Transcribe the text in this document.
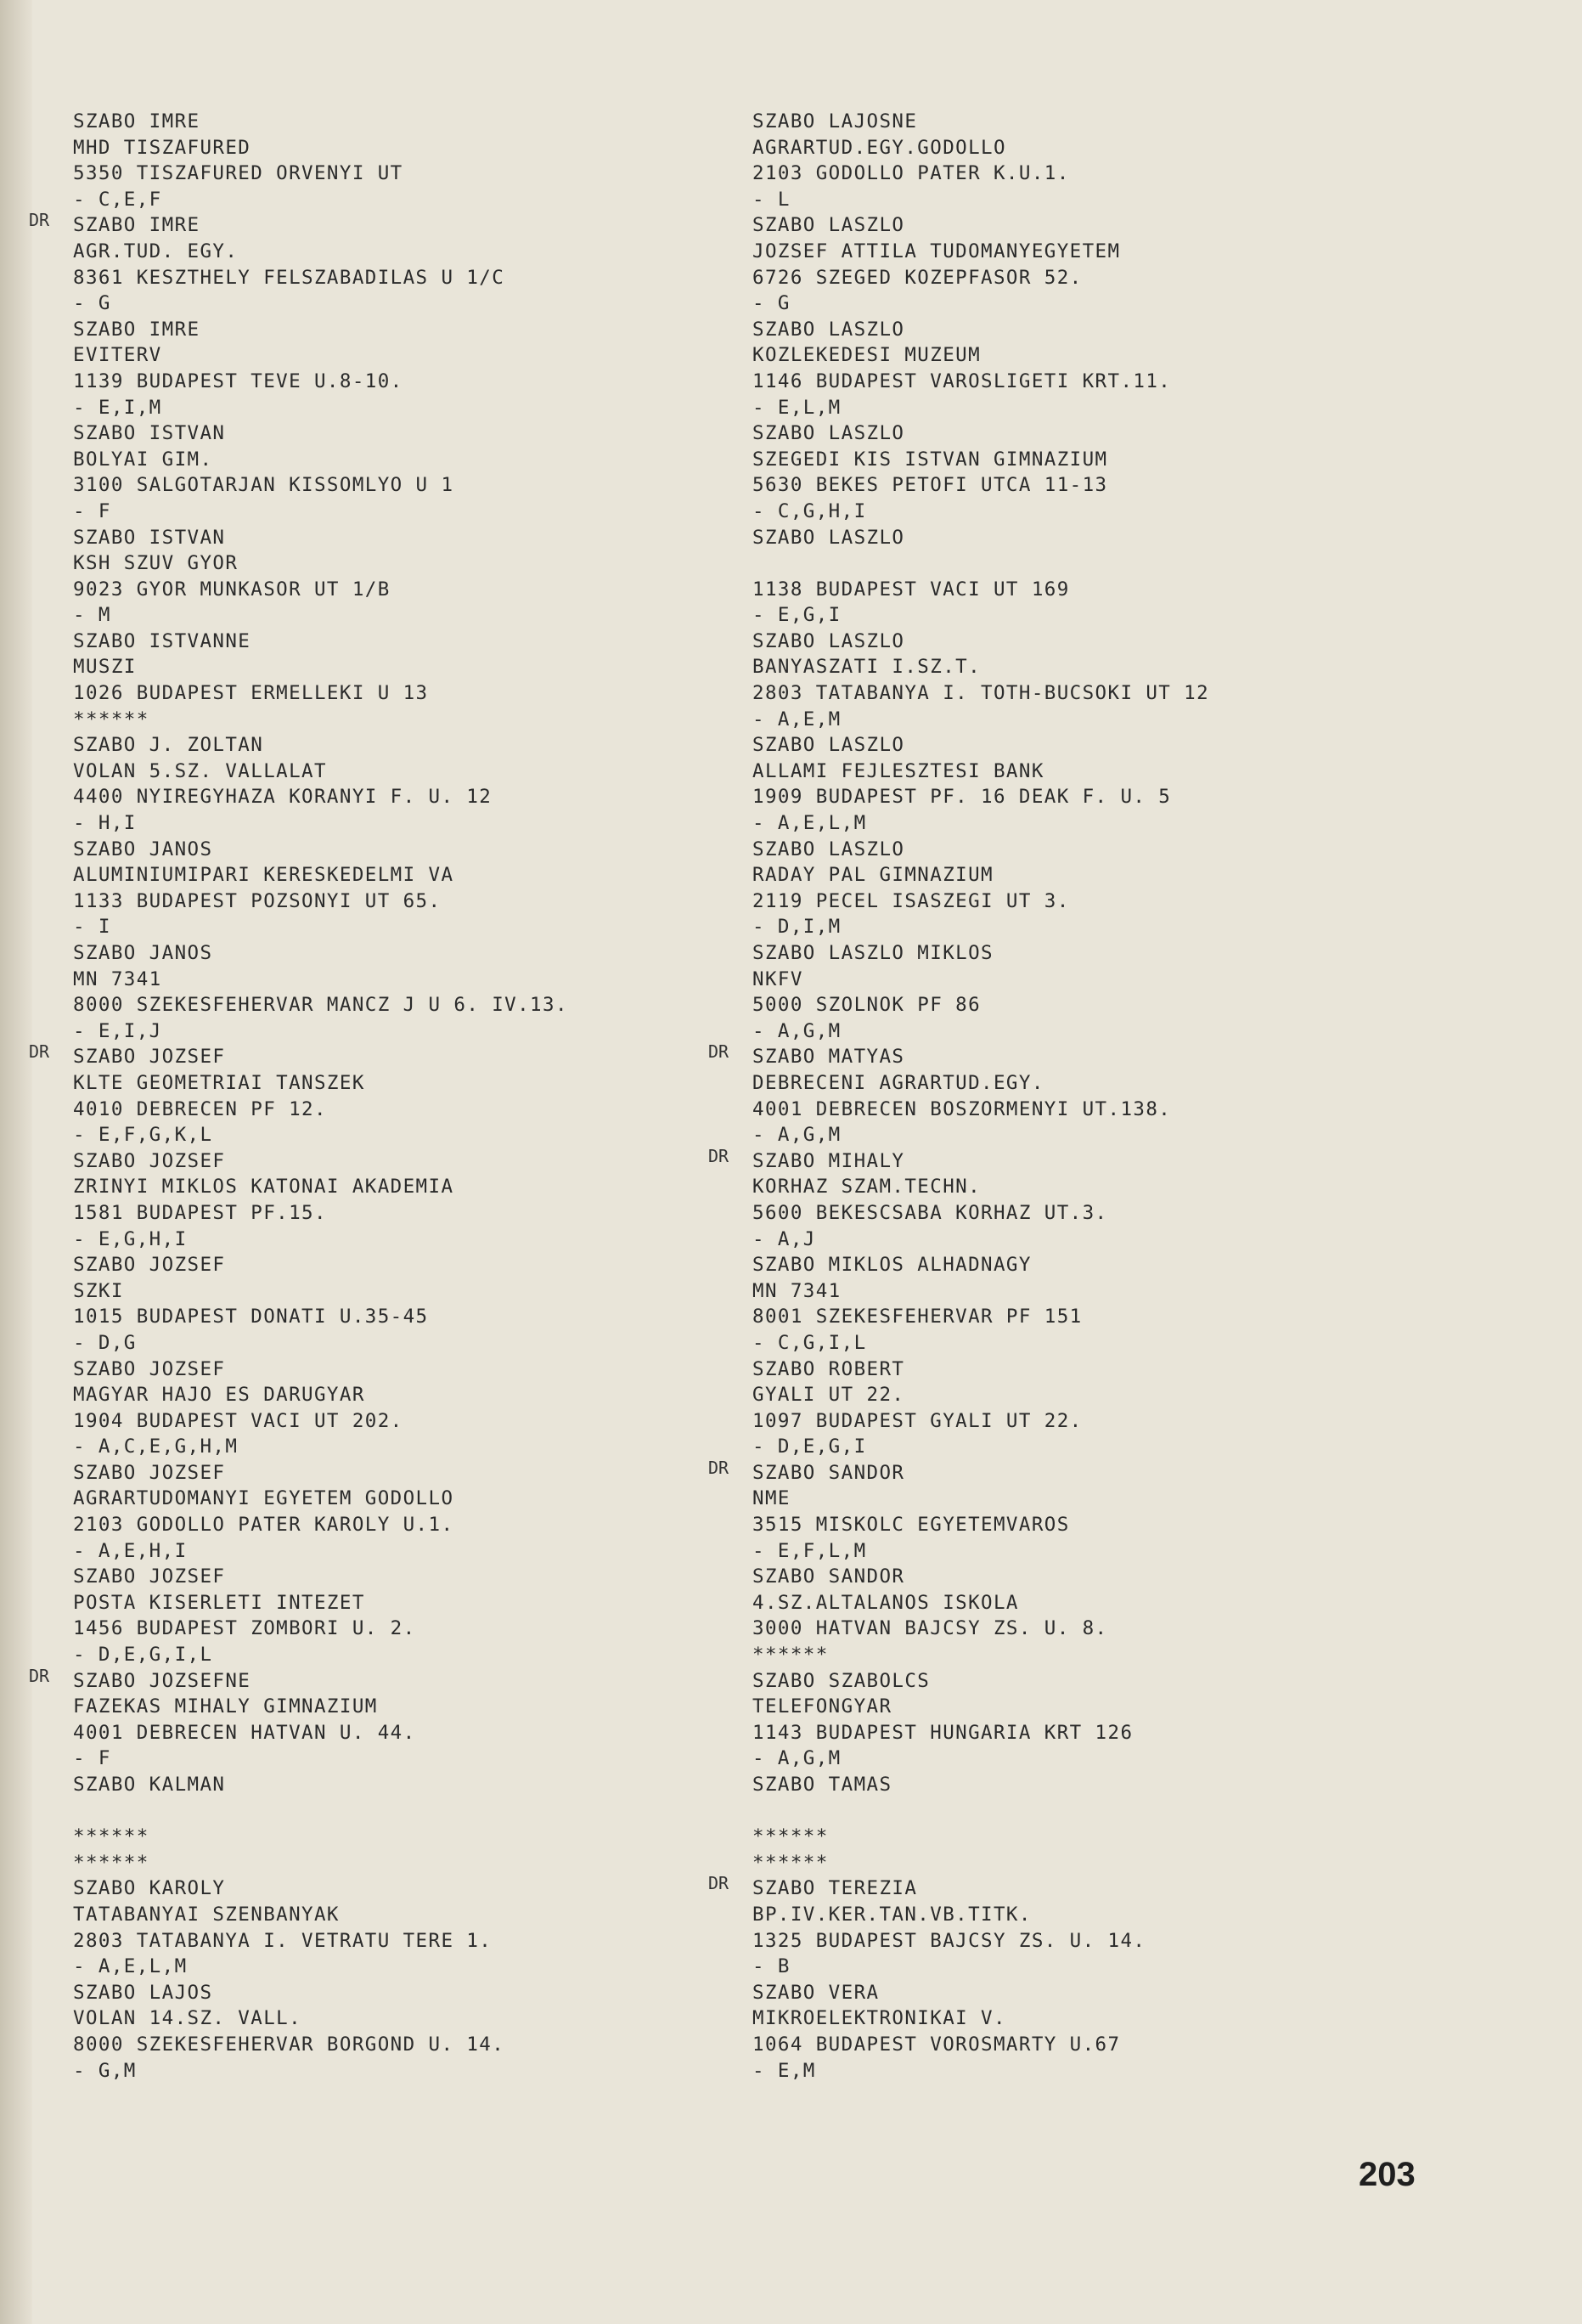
SZABO IMRE
MHD TISZAFURED
5350 TISZAFURED ORVENYI UT
- C,E,F
DR SZABO IMRE
AGR.TUD. EGY.
8361 KESZTHELY FELSZABADILAS U 1/C
- G
SZABO IMRE
EVITERV
1139 BUDAPEST TEVE U.8-10.
- E,I,M
SZABO ISTVAN
BOLYAI GIM.
3100 SALGOTARJAN KISSOMLYO U 1
- F
SZABO ISTVAN
KSH SZUV GYOR
9023 GYOR MUNKASOR UT 1/B
- M
SZABO ISTVANNE
MUSZI
1026 BUDAPEST ERMELLEKI U 13
******
SZABO J. ZOLTAN
VOLAN 5.SZ. VALLALAT
4400 NYIREGYHAZA KORANYI F. U. 12
- H,I
SZABO JANOS
ALUMINIUMIPARI KERESKEDELMI VA
1133 BUDAPEST POZSONYI UT 65.
- I
SZABO JANOS
MN 7341
8000 SZEKESFEHERVAR MANCZ J U 6. IV.13.
- E,I,J
DR SZABO JOZSEF
KLTE GEOMETRIAI TANSZEK
4010 DEBRECEN PF 12.
- E,F,G,K,L
SZABO JOZSEF
ZRINYI MIKLOS KATONAI AKADEMIA
1581 BUDAPEST PF.15.
- E,G,H,I
SZABO JOZSEF
SZKI
1015 BUDAPEST DONATI U.35-45
- D,G
SZABO JOZSEF
MAGYAR HAJO ES DARUGYAR
1904 BUDAPEST VACI UT 202.
- A,C,E,G,H,M
SZABO JOZSEF
AGRARTUDOMANYI EGYETEM GODOLLO
2103 GODOLLO PATER KAROLY U.1.
- A,E,H,I
SZABO JOZSEF
POSTA KISERLETI INTEZET
1456 BUDAPEST ZOMBORI U. 2.
- D,E,G,I,L
DR SZABO JOZSEFNE
FAZEKAS MIHALY GIMNAZIUM
4001 DEBRECEN HATVAN U. 44.
- F
SZABO KALMAN
******
******
SZABO KAROLY
TATABANYAI SZENBANYAK
2803 TATABANYA I. VETRATU TERE 1.
- A,E,L,M
SZABO LAJOS
VOLAN 14.SZ. VALL.
8000 SZEKESFEHERVAR BORGOND U. 14.
- G,M
SZABO LAJOSNE
AGRARTUD.EGY.GODOLLO
2103 GODOLLO PATER K.U.1.
- L
SZABO LASZLO
JOZSEF ATTILA TUDOMANYEGYETEM
6726 SZEGED KOZEPFASOR 52.
- G
SZABO LASZLO
KOZLEKEDESI MUZEUM
1146 BUDAPEST VAROSLIGETI KRT.11.
- E,L,M
SZABO LASZLO
SZEGEDI KIS ISTVAN GIMNAZIUM
5630 BEKES PETOFI UTCA 11-13
- C,G,H,I
SZABO LASZLO
1138 BUDAPEST VACI UT 169
- E,G,I
SZABO LASZLO
BANYASZATI I.SZ.T.
2803 TATABANYA I. TOTH-BUCSOKI UT 12
- A,E,M
SZABO LASZLO
ALLAMI FEJLESZTESI BANK
1909 BUDAPEST PF. 16 DEAK F. U. 5
- A,E,L,M
SZABO LASZLO
RADAY PAL GIMNAZIUM
2119 PECEL ISASZEGI UT 3.
- D,I,M
SZABO LASZLO MIKLOS
NKFV
5000 SZOLNOK PF 86
- A,G,M
DR SZABO MATYAS
DEBRECENI AGRARTUD.EGY.
4001 DEBRECEN BOSZORMENYI UT.138.
- A,G,M
DR SZABO MIHALY
KORHAZ SZAM.TECHN.
5600 BEKESCSABA KORHAZ UT.3.
- A,J
SZABO MIKLOS ALHADNAGY
MN 7341
8001 SZEKESFEHERVAR PF 151
- C,G,I,L
SZABO ROBERT
GYALI UT 22.
1097 BUDAPEST GYALI UT 22.
- D,E,G,I
DR SZABO SANDOR
NME
3515 MISKOLC EGYETEMVAROS
- E,F,L,M
SZABO SANDOR
4.SZ.ALTALANOS ISKOLA
3000 HATVAN BAJCSY ZS. U. 8.
******
SZABO SZABOLCS
TELEFONGYAR
1143 BUDAPEST HUNGARIA KRT 126
- A,G,M
SZABO TAMAS
******
******
DR SZABO TEREZIA
BP.IV.KER.TAN.VB.TITK.
1325 BUDAPEST BAJCSY ZS. U. 14.
- B
SZABO VERA
MIKROELEKTRONIKAI V.
1064 BUDAPEST VOROSMARTY U.67
- E,M
203
